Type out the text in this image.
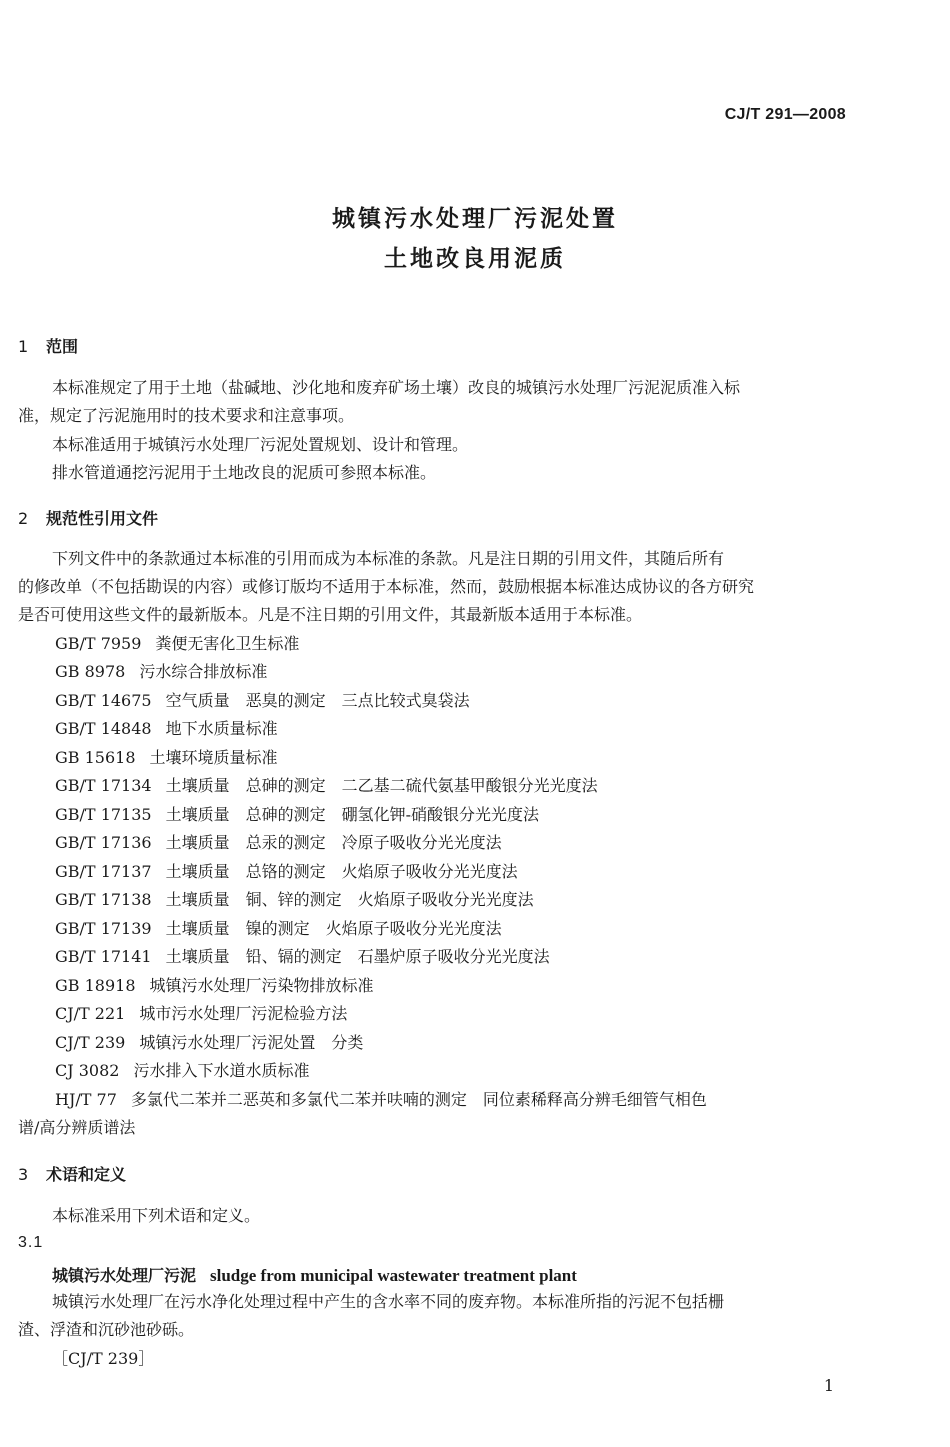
CJ/T 291—2008
城镇污水处理厂污泥处置
土地改良用泥质
1 范围
本标准规定了用于土地（盐碱地、沙化地和废弃矿场土壤）改良的城镇污水处理厂污泥泥质准入标
准，规定了污泥施用时的技术要求和注意事项。
本标准适用于城镇污水处理厂污泥处置规划、设计和管理。
排水管道通挖污泥用于土地改良的泥质可参照本标准。
2 规范性引用文件
下列文件中的条款通过本标准的引用而成为本标准的条款。凡是注日期的引用文件，其随后所有
的修改单（不包括勘误的内容）或修订版均不适用于本标准，然而，鼓励根据本标准达成协议的各方研究
是否可使用这些文件的最新版本。凡是不注日期的引用文件，其最新版本适用于本标准。
GB/T 7959 粪便无害化卫生标准
GB 8978 污水综合排放标准
GB/T 14675 空气质量　恶臭的测定　三点比较式臭袋法
GB/T 14848 地下水质量标准
GB 15618 土壤环境质量标准
GB/T 17134 土壤质量　总砷的测定　二乙基二硫代氨基甲酸银分光光度法
GB/T 17135 土壤质量　总砷的测定　硼氢化钾-硝酸银分光光度法
GB/T 17136 土壤质量　总汞的测定　冷原子吸收分光光度法
GB/T 17137 土壤质量　总铬的测定　火焰原子吸收分光光度法
GB/T 17138 土壤质量　铜、锌的测定　火焰原子吸收分光光度法
GB/T 17139 土壤质量　镍的测定　火焰原子吸收分光光度法
GB/T 17141 土壤质量　铅、镉的测定　石墨炉原子吸收分光光度法
GB 18918 城镇污水处理厂污染物排放标准
CJ/T 221 城市污水处理厂污泥检验方法
CJ/T 239 城镇污水处理厂污泥处置　分类
CJ 3082 污水排入下水道水质标准
HJ/T 77 多氯代二苯并二恶英和多氯代二苯并呋喃的测定　同位素稀释高分辨毛细管气相色
谱/高分辨质谱法
3 术语和定义
本标准采用下列术语和定义。
3.1
城镇污水处理厂污泥 sludge from municipal wastewater treatment plant
城镇污水处理厂在污水净化处理过程中产生的含水率不同的废弃物。本标准所指的污泥不包括栅
渣、浮渣和沉砂池砂砾。
［CJ/T 239］
1
